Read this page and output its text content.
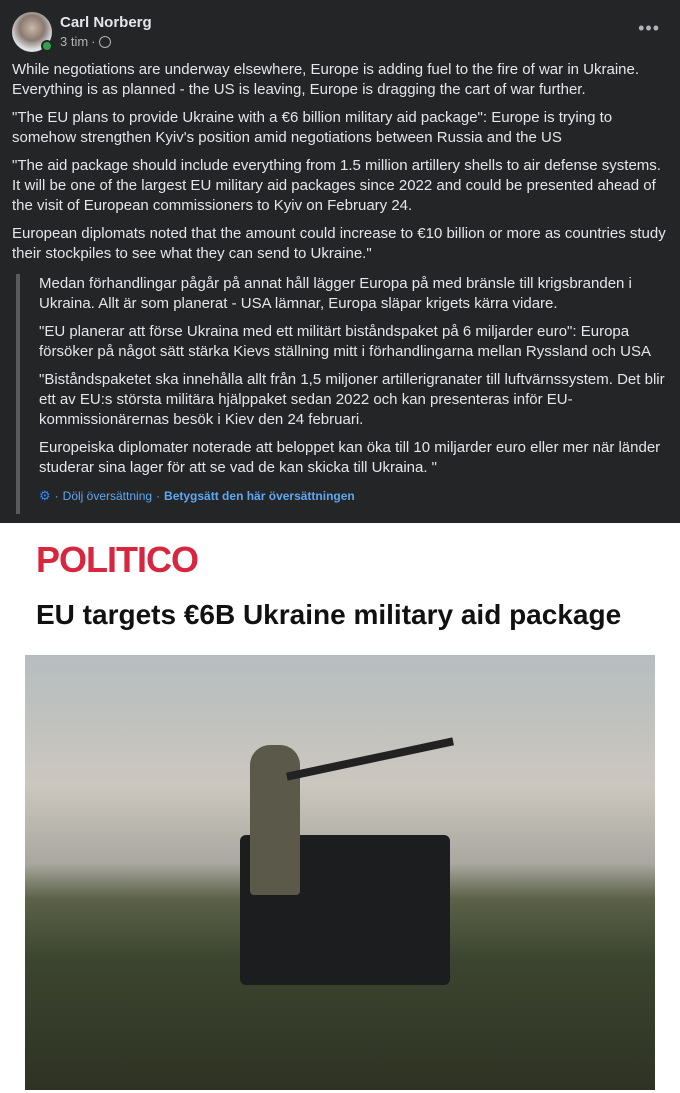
Carl Norberg
3 tim ·
•••

While negotiations are underway elsewhere, Europe is adding fuel to the fire of war in Ukraine. Everything is as planned - the US is leaving, Europe is dragging the cart of war further.

"The EU plans to provide Ukraine with a €6 billion military aid package": Europe is trying to somehow strengthen Kyiv's position amid negotiations between Russia and the US

"The aid package should include everything from 1.5 million artillery shells to air defense systems. It will be one of the largest EU military aid packages since 2022 and could be presented ahead of the visit of European commissioners to Kyiv on February 24.

European diplomats noted that the amount could increase to €10 billion or more as countries study their stockpiles to see what they can send to Ukraine."

Medan förhandlingar pågår på annat håll lägger Europa på med bränsle till krigsbranden i Ukraina. Allt är som planerat - USA lämnar, Europa släpar krigets kärra vidare.

"EU planerar att förse Ukraina med ett militärt biståndspaket på 6 miljarder euro": Europa försöker på något sätt stärka Kievs ställning mitt i förhandlingarna mellan Ryssland och USA

"Biståndspaketet ska innehålla allt från 1,5 miljoner artillerigranater till luftvärnssystem. Det blir ett av EU:s största militära hjälppaket sedan 2022 och kan presenteras inför EU-kommissionärernas besök i Kiev den 24 februari.

Europeiska diplomater noterade att beloppet kan öka till 10 miljarder euro eller mer när länder studerar sina lager för att se vad de kan skicka till Ukraina. "

⚙ · Dölj översättning · Betygsätt den här översättningen
POLITICO
EU targets €6B Ukraine military aid package
